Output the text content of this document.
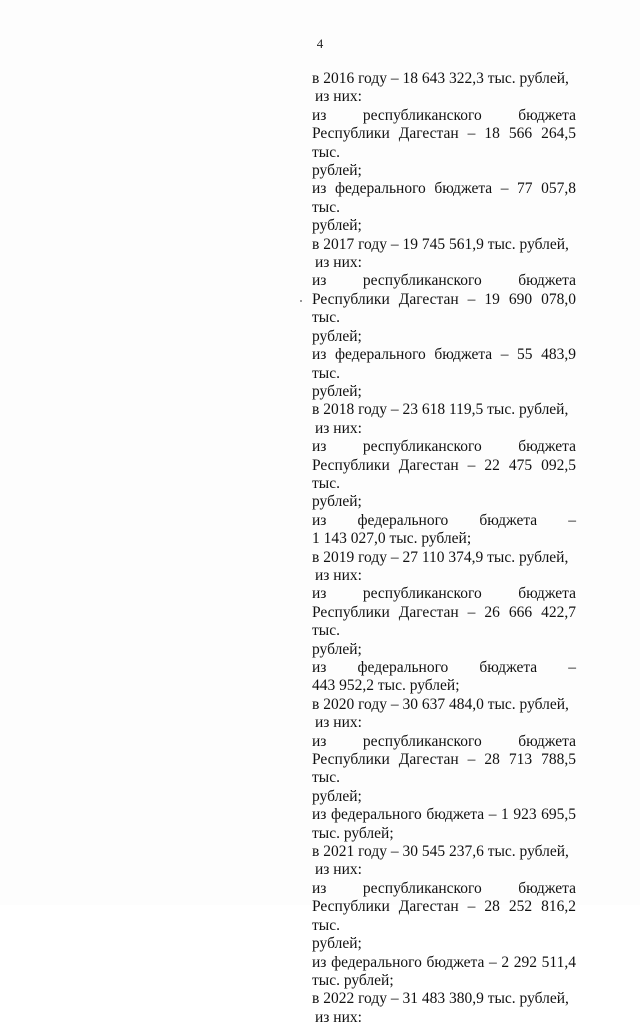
4
в 2016 году – 18 643 322,3 тыс. рублей,
из них:
из республиканского бюджета
Республики Дагестан – 18 566 264,5 тыс.
рублей;
из федерального бюджета – 77 057,8 тыс.
рублей;
в 2017 году – 19 745 561,9 тыс. рублей,
из них:
из республиканского бюджета
Республики Дагестан – 19 690 078,0 тыс.
рублей;
из федерального бюджета – 55 483,9 тыс.
рублей;
в 2018 году – 23 618 119,5 тыс. рублей,
из них:
из республиканского бюджета
Республики Дагестан – 22 475 092,5 тыс.
рублей;
из федерального бюджета –
1 143 027,0 тыс. рублей;
в 2019 году – 27 110 374,9 тыс. рублей,
из них:
из республиканского бюджета
Республики Дагестан – 26 666 422,7 тыс.
рублей;
из федерального бюджета –
443 952,2 тыс. рублей;
в 2020 году – 30 637 484,0 тыс. рублей,
из них:
из республиканского бюджета
Республики Дагестан – 28 713 788,5 тыс.
рублей;
из федерального бюджета – 1 923 695,5
тыс. рублей;
в 2021 году – 30 545 237,6 тыс. рублей,
из них:
из республиканского бюджета
Республики Дагестан – 28 252 816,2 тыс.
рублей;
из федерального бюджета – 2 292 511,4
тыс. рублей;
в 2022 году – 31 483 380,9 тыс. рублей,
из них:
